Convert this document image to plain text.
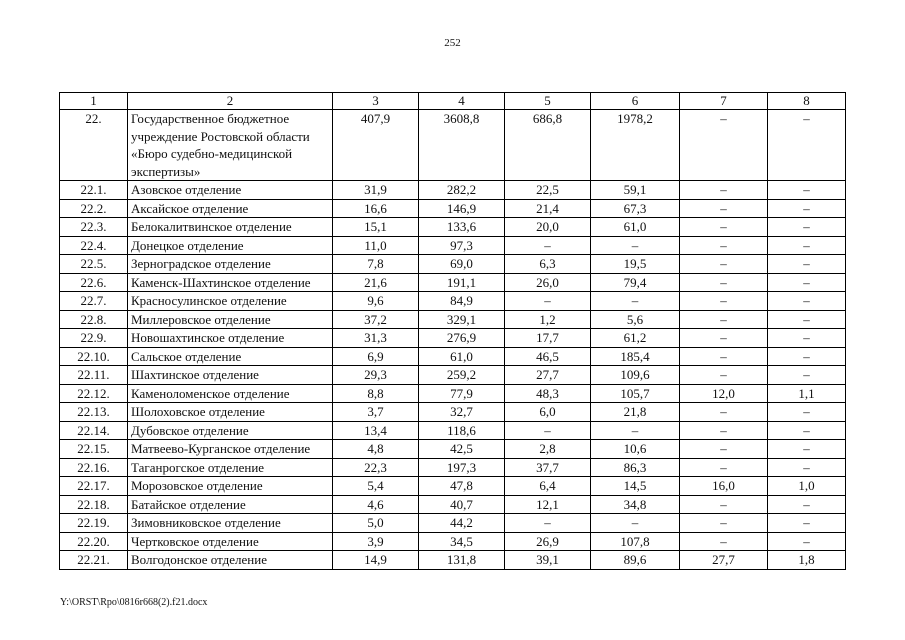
252
1	2	3	4	5	6	7	8
22.	Государственное бюджетное учреждение Ростовской области «Бюро судебно-медицинской экспертизы»	407,9	3608,8	686,8	1978,2	–	–
22.1.	Азовское отделение	31,9	282,2	22,5	59,1	–	–
22.2.	Аксайское отделение	16,6	146,9	21,4	67,3	–	–
22.3.	Белокалитвинское отделение	15,1	133,6	20,0	61,0	–	–
22.4.	Донецкое отделение	11,0	97,3	–	–	–	–
22.5.	Зерноградское отделение	7,8	69,0	6,3	19,5	–	–
22.6.	Каменск-Шахтинское отделение	21,6	191,1	26,0	79,4	–	–
22.7.	Красносулинское отделение	9,6	84,9	–	–	–	–
22.8.	Миллеровское отделение	37,2	329,1	1,2	5,6	–	–
22.9.	Новошахтинское отделение	31,3	276,9	17,7	61,2	–	–
22.10.	Сальское отделение	6,9	61,0	46,5	185,4	–	–
22.11.	Шахтинское отделение	29,3	259,2	27,7	109,6	–	–
22.12.	Каменоломенское отделение	8,8	77,9	48,3	105,7	12,0	1,1
22.13.	Шолоховское отделение	3,7	32,7	6,0	21,8	–	–
22.14.	Дубовское отделение	13,4	118,6	–	–	–	–
22.15.	Матвеево-Курганское отделение	4,8	42,5	2,8	10,6	–	–
22.16.	Таганрогское отделение	22,3	197,3	37,7	86,3	–	–
22.17.	Морозовское отделение	5,4	47,8	6,4	14,5	16,0	1,0
22.18.	Батайское отделение	4,6	40,7	12,1	34,8	–	–
22.19.	Зимовниковское отделение	5,0	44,2	–	–	–	–
22.20.	Чертковское отделение	3,9	34,5	26,9	107,8	–	–
22.21.	Волгодонское отделение	14,9	131,8	39,1	89,6	27,7	1,8
Y:\ORST\Rpo\0816r668(2).f21.docx
